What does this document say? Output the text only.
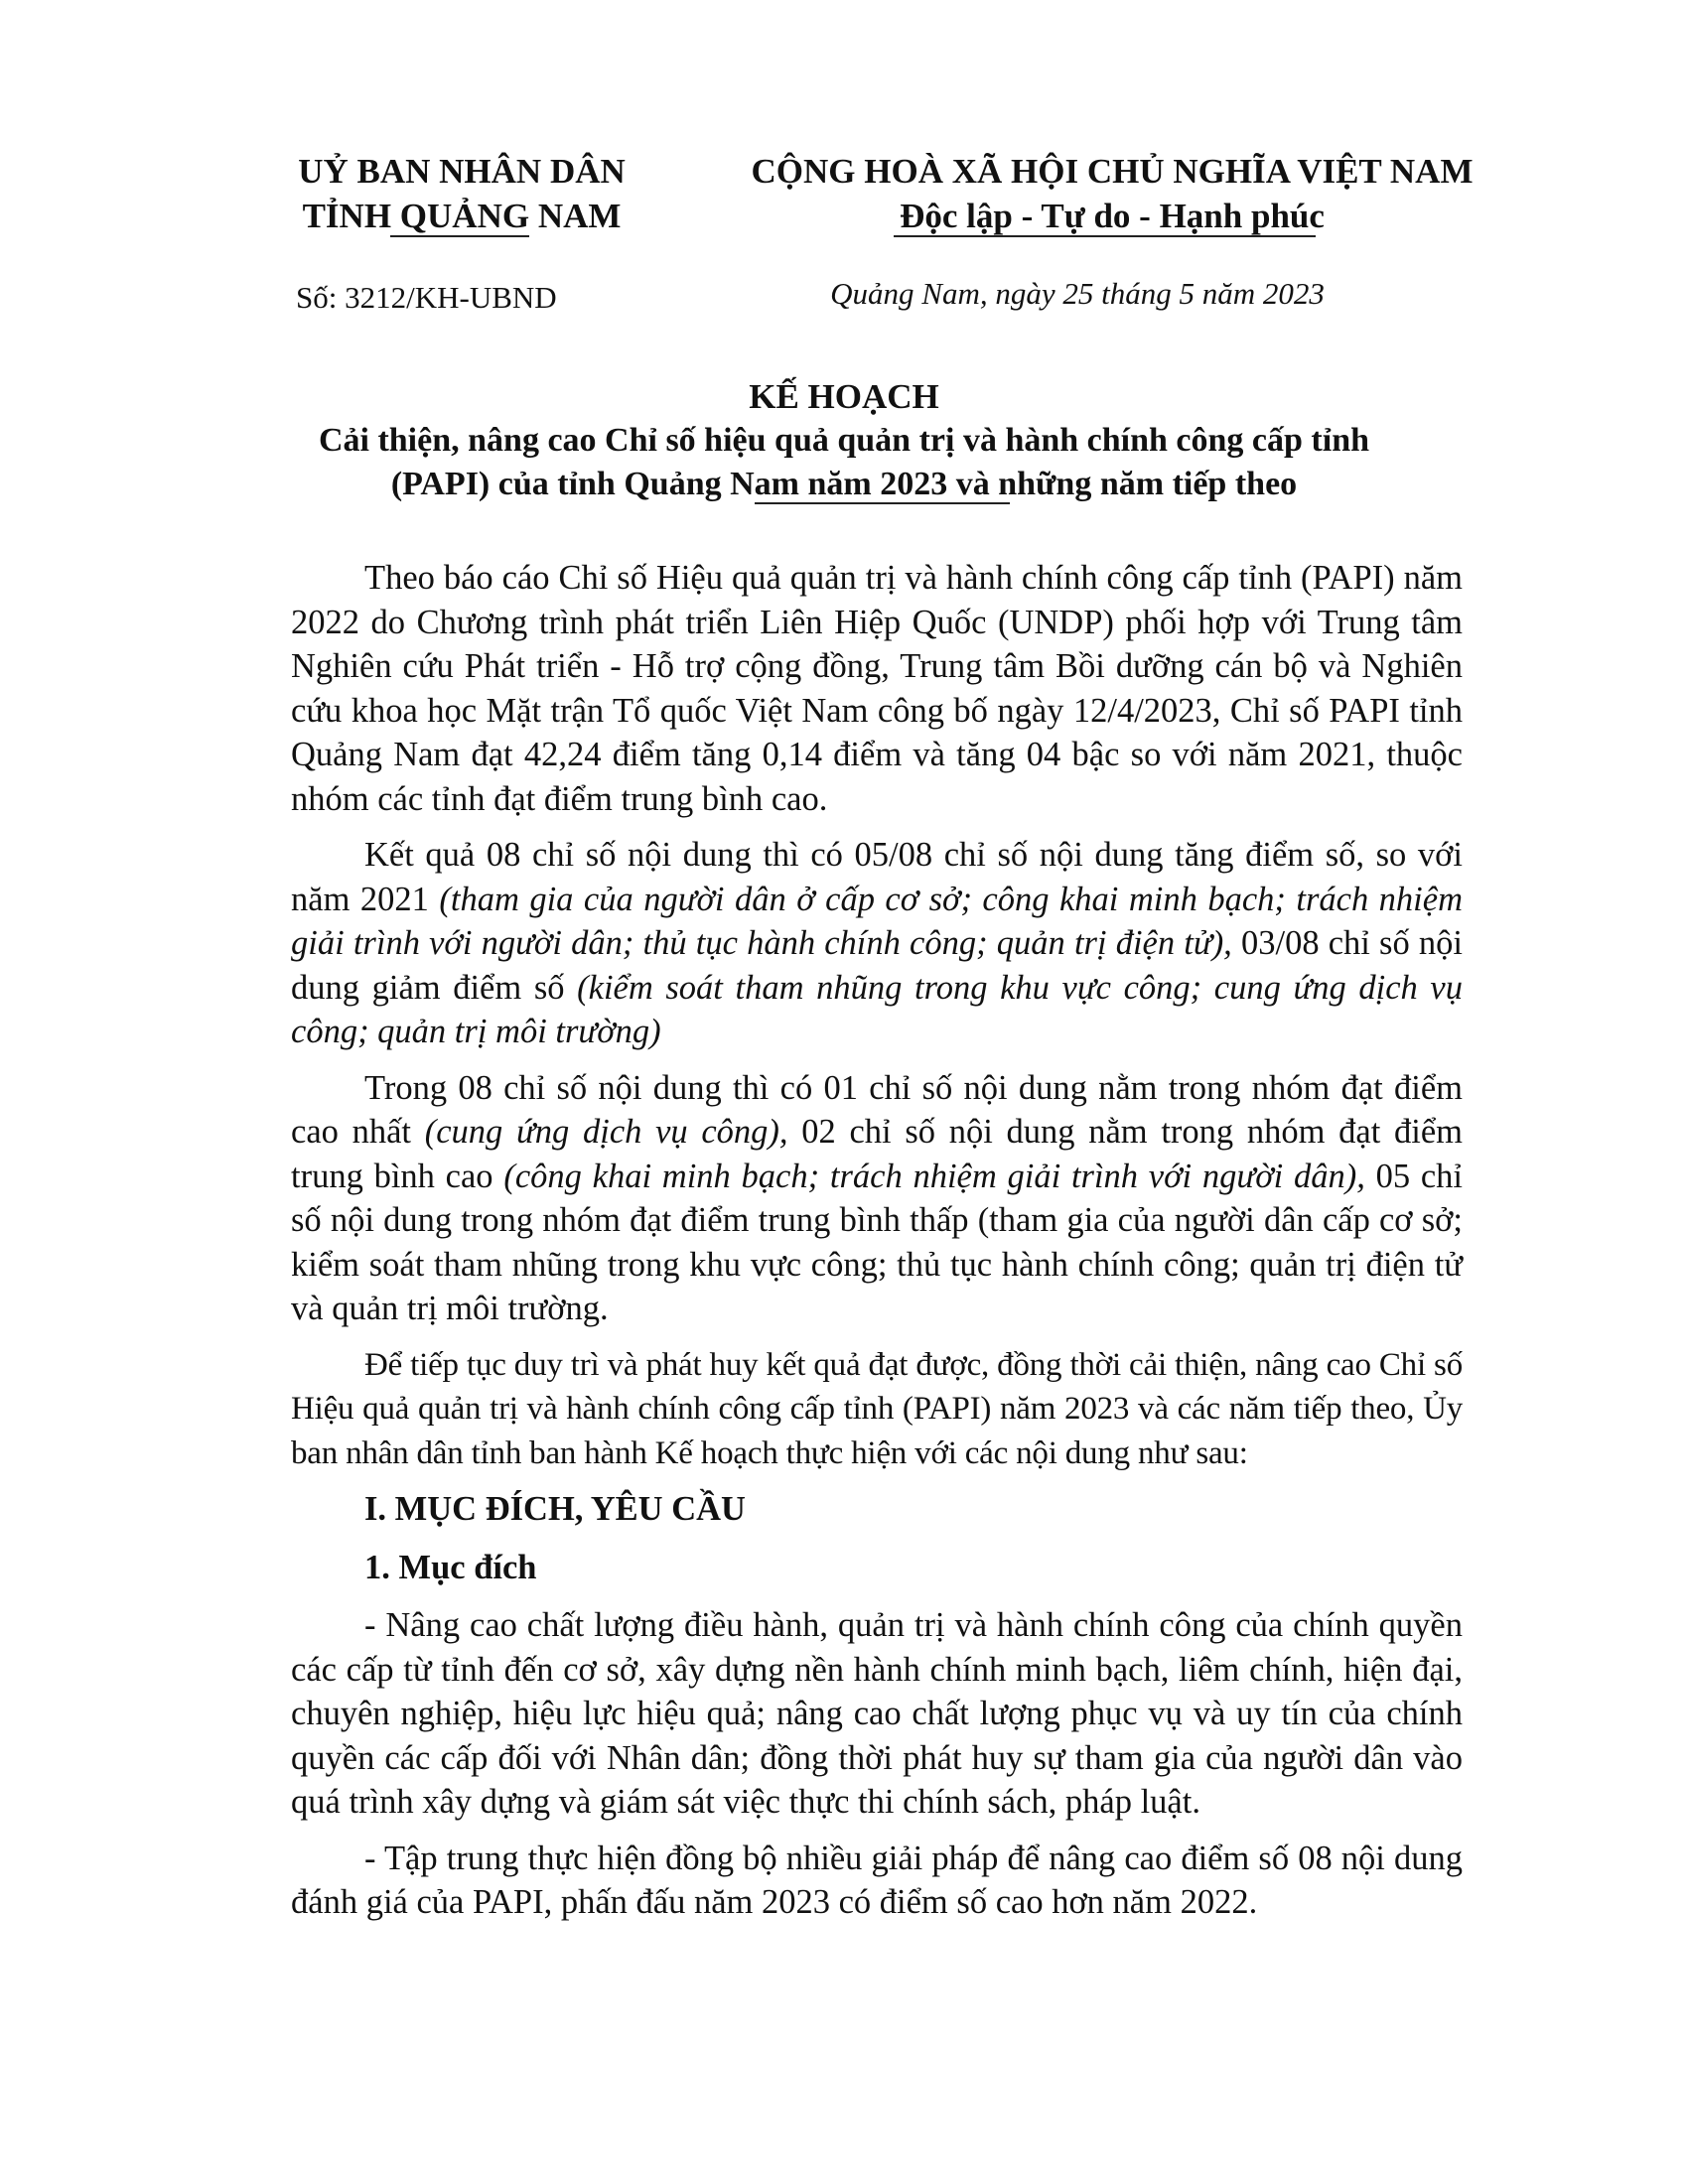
UỶ BAN NHÂN DÂN
TỈNH QUẢNG NAM
CỘNG HOÀ XÃ HỘI CHỦ NGHĨA VIỆT NAM
Độc lập - Tự do - Hạnh phúc
Số: 3212/KH-UBND	Quảng Nam, ngày 25 tháng 5 năm 2023
KẾ HOẠCH
Cải thiện, nâng cao Chỉ số hiệu quả quản trị và hành chính công cấp tỉnh
(PAPI) của tỉnh Quảng Nam năm 2023 và những năm tiếp theo

Theo báo cáo Chỉ số Hiệu quả quản trị và hành chính công cấp tỉnh (PAPI) năm 2022 do Chương trình phát triển Liên Hiệp Quốc (UNDP) phối hợp với Trung tâm Nghiên cứu Phát triển - Hỗ trợ cộng đồng, Trung tâm Bồi dưỡng cán bộ và Nghiên cứu khoa học Mặt trận Tổ quốc Việt Nam công bố ngày 12/4/2023, Chỉ số PAPI tỉnh Quảng Nam đạt 42,24 điểm tăng 0,14 điểm và tăng 04 bậc so với năm 2021, thuộc nhóm các tỉnh đạt điểm trung bình cao.

Kết quả 08 chỉ số nội dung thì có 05/08 chỉ số nội dung tăng điểm số, so với năm 2021 (tham gia của người dân ở cấp cơ sở; công khai minh bạch; trách nhiệm giải trình với người dân; thủ tục hành chính công; quản trị điện tử), 03/08 chỉ số nội dung giảm điểm số (kiểm soát tham nhũng trong khu vực công; cung ứng dịch vụ công; quản trị môi trường)

Trong 08 chỉ số nội dung thì có 01 chỉ số nội dung nằm trong nhóm đạt điểm cao nhất (cung ứng dịch vụ công), 02 chỉ số nội dung nằm trong nhóm đạt điểm trung bình cao (công khai minh bạch; trách nhiệm giải trình với người dân), 05 chỉ số nội dung trong nhóm đạt điểm trung bình thấp (tham gia của người dân cấp cơ sở; kiểm soát tham nhũng trong khu vực công; thủ tục hành chính công; quản trị điện tử và quản trị môi trường.

Để tiếp tục duy trì và phát huy kết quả đạt được, đồng thời cải thiện, nâng cao Chỉ số Hiệu quả quản trị và hành chính công cấp tỉnh (PAPI) năm 2023 và các năm tiếp theo, Ủy ban nhân dân tỉnh ban hành Kế hoạch thực hiện với các nội dung như sau:

I. MỤC ĐÍCH, YÊU CẦU
1. Mục đích

- Nâng cao chất lượng điều hành, quản trị và hành chính công của chính quyền các cấp từ tỉnh đến cơ sở, xây dựng nền hành chính minh bạch, liêm chính, hiện đại, chuyên nghiệp, hiệu lực hiệu quả; nâng cao chất lượng phục vụ và uy tín của chính quyền các cấp đối với Nhân dân; đồng thời phát huy sự tham gia của người dân vào quá trình xây dựng và giám sát việc thực thi chính sách, pháp luật.

- Tập trung thực hiện đồng bộ nhiều giải pháp để nâng cao điểm số 08 nội dung đánh giá của PAPI, phấn đấu năm 2023 có điểm số cao hơn năm 2022.
